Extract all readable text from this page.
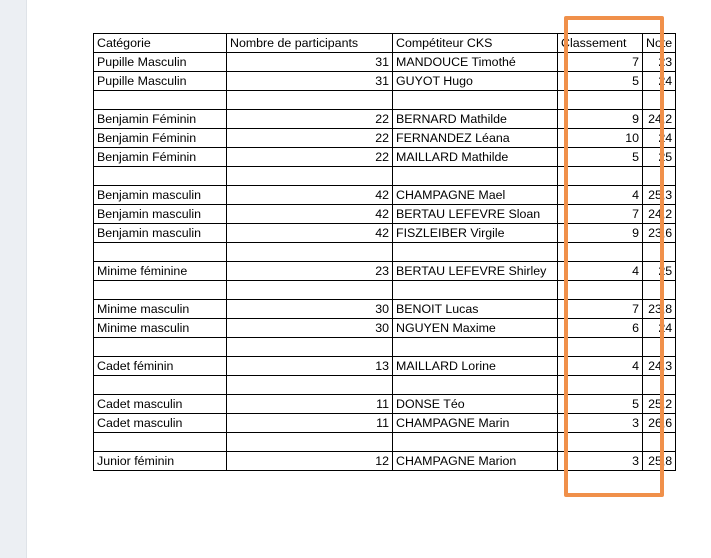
Catégorie	Nombre de participants	Compétiteur CKS	Classement	Note
Pupille Masculin	31	MANDOUCE Timothé	7	23
Pupille Masculin	31	GUYOT Hugo	5	24

Benjamin Féminin	22	BERNARD Mathilde	9	24,2
Benjamin Féminin	22	FERNANDEZ Léana	10	24
Benjamin Féminin	22	MAILLARD Mathilde	5	25

Benjamin masculin	42	CHAMPAGNE Mael	4	25,3
Benjamin masculin	42	BERTAU LEFEVRE Sloan	7	24,2
Benjamin masculin	42	FISZLEIBER Virgile	9	23,6

Minime féminine	23	BERTAU LEFEVRE Shirley	4	25

Minime masculin	30	BENOIT Lucas	7	23,8
Minime masculin	30	NGUYEN Maxime	6	24

Cadet féminin	13	MAILLARD Lorine	4	24,3

Cadet masculin	11	DONSE Téo	5	25,2
Cadet masculin	11	CHAMPAGNE Marin	3	26,6

Junior féminin	12	CHAMPAGNE Marion	3	25,8
